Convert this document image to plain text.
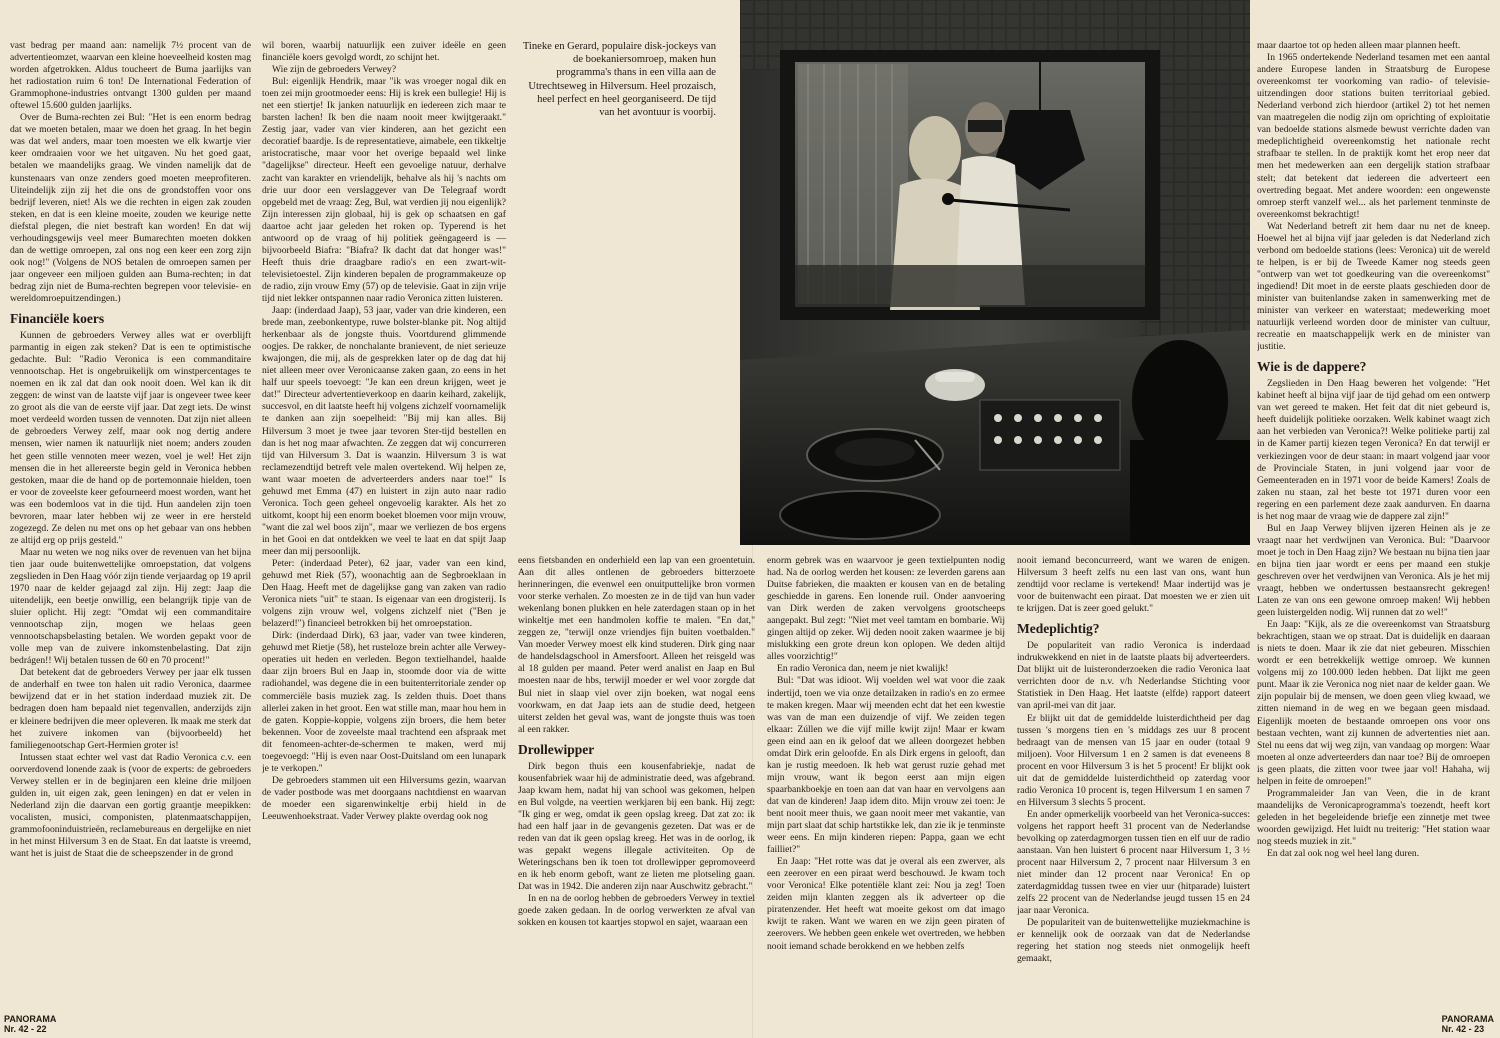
Tineke en Gerard, populaire disk-jockeys van de boekaniersomroep, maken hun programma's thans in een villa aan de Utrechtseweg in Hilversum. Heel prozaisch, heel perfect en heel georganiseerd. De tijd van het avontuur is voorbij.

vast bedrag per maand aan: namelijk 7½ procent van de advertentieomzet, waarvan een kleine hoeveelheid kosten mag worden afgetrokken. Aldus toucheert de Buma jaarlijks van het radiostation ruim 6 ton! De International Federation of Grammophone-industries ontvangt 1300 gulden per maand oftewel 15.600 gulden jaarlijks.

Over de Buma-rechten zei Bul: "Het is een enorm bedrag dat we moeten betalen, maar we doen het graag. In het begin was dat wel anders, maar toen moesten we elk kwartje vier keer omdraaien voor we het uitgaven. Nu het goed gaat, betalen we maandelijks graag. We vinden namelijk dat de kunstenaars van onze zenders goed moeten meeprofiteren. Uiteindelijk zijn zij het die ons de grondstoffen voor ons bedrijf leveren, niet! Als we die rechten in eigen zak zouden steken, en dat is een kleine moeite, zouden we keurige nette diefstal plegen, die niet bestraft kan worden! En dat wij verhoudingsgewijs veel meer Bumarechten moeten dokken dan de wettige omroepen, zal ons nog een keer een zorg zijn ook nog!" (Volgens de NOS betalen de omroepen samen per jaar ongeveer een miljoen gulden aan Buma-rechten; in dat bedrag zijn niet de Buma-rechten begrepen voor televisie- en wereldomroepuitzendingen.)

Financiële koers

Kunnen de gebroeders Verwey alles wat er overblijft parmantig in eigen zak steken? Dat is een te optimistische gedachte. Bul: "Radio Veronica is een commanditaire vennootschap. Het is ongebruikelijk om winstpercentages te noemen en ik zal dat dan ook nooit doen. Wel kan ik dit zeggen: de winst van de laatste vijf jaar is ongeveer twee keer zo groot als die van de eerste vijf jaar. Dat zegt iets. De winst moet verdeeld worden tussen de vennoten. Dat zijn niet alleen de gebroeders Verwey zelf, maar ook nog dertig andere mensen, wier namen ik natuurlijk niet noem; anders zouden het geen stille vennoten meer wezen, voel je wel! Het zijn mensen die in het allereerste begin geld in Veronica hebben gestoken, maar die de hand op de portemonnaie hielden, toen er voor de zoveelste keer gefourneerd moest worden, want het was een bodemloos vat in die tijd. Hun aandelen zijn toen bevroren, maar later hebben wij ze weer in ere hersteld zogezegd. Ze delen nu met ons op het gebaar van ons hebben ze altijd erg op prijs gesteld."

Maar nu weten we nog niks over de revenuen van het bijna tien jaar oude buitenwettelijke omroepstation, dat volgens zegslieden in Den Haag vóór zijn tiende verjaardag op 19 april 1970 naar de kelder gejaagd zal zijn. Hij zegt: Jaap die uitendelijk, een beetje onwillig, een belangrijk tipje van de sluier oplicht. Hij zegt: "Omdat wij een commanditaire vennootschap zijn, mogen we helaas geen vennootschapsbelasting betalen. We worden gepakt voor de volle mep van de zuivere inkomstenbelasting. Dat zijn bedrágen!! Wij betalen tussen de 60 en 70 procent!"

Dat betekent dat de gebroeders Verwey per jaar elk tussen de anderhalf en twee ton halen uit radio Veronica, daarmee bewijzend dat er in het station inderdaad muziek zit. De bedragen doen ham bepaald niet tegenvallen, anderzijds zijn er kleinere bedrijven die meer opleveren. Ik maak me sterk dat het zuivere inkomen van (bijvoorbeeld) het familiegenootschap Gert-Hermien groter is!

Intussen staat echter wel vast dat Radio Veronica c.v. een oorverdovend lonende zaak is (voor de experts: de gebroeders Verwey stellen er in de beginjaren een kleine drie miljoen gulden in, uit eigen zak, geen leningen) en dat er velen in Nederland zijn die daarvan een gortig graantje meepikken: vocalisten, musici, componisten, platenmaatschappijen, grammofooninduistrieën, reclamebureaus en dergelijke en niet in het minst Hilversum 3 en de Staat. En dat laatste is vreemd, want het is juist de Staat die de scheepszender in de grond

wil boren, waarbij natuurlijk een zuiver ideële en geen financiële koers gevolgd wordt, zo schijnt het.

Wie zijn de gebroeders Verwey?

Bul: eigenlijk Hendrik, maar "ik was vroeger nogal dik en toen zei mijn grootmoeder eens: Hij is krek een bullegie! Hij is net een stiertje! Ik janken natuurlijk en iedereen zich maar te barsten lachen! Ik ben die naam nooit meer kwijtgeraakt." Zestig jaar, vader van vier kinderen, aan het gezicht een decoratief baardje. Is de representatieve, aimabele, een tikkeltje aristocratische, maar voor het overige bepaald wel linke "dagelijkse" directeur. Heeft een gevoelige natuur, derhalve zacht van karakter en vriendelijk, behalve als hij 's nachts om drie uur door een verslaggever van De Telegraaf wordt opgebeld met de vraag: Zeg, Bul, wat verdien jij nou eigenlijk? Zijn interessen zijn globaal, hij is gek op schaatsen en gaf daartoe acht jaar geleden het roken op. Typerend is het antwoord op de vraag of hij politiek geëngageerd is — bijvoorbeeld Biafra: "Biafra? Ik dacht dat dat honger was!" Heeft thuis drie draagbare radio's en een zwart-wit-televisietoestel. Zijn kinderen bepalen de programmakeuze op de radio, zijn vrouw Emy (57) op de televisie. Gaat in zijn vrije tijd niet lekker ontspannen naar radio Veronica zitten luisteren.

Jaap: (inderdaad Jaap), 53 jaar, vader van drie kinderen, een brede man, zeebonkentype, ruwe bolster-blanke pit. Nog altijd herkenbaar als de jongste thuis. Voortdurend glimmende oogjes. De rakker, de nonchalante branievent, de niet serieuze kwajongen, die mij, als de gesprekken later op de dag dat hij niet alleen meer over Veronicaanse zaken gaan, zo eens in het half uur speels toevoegt: "Je kan een dreun krijgen, weet je dat!" Directeur advertentieverkoop en daarin keihard, zakelijk, succesvol, en dit laatste heeft hij volgens zichzelf voornamelijk te danken aan zijn soepelheid: "Bij mij kan alles. Bij Hilversum 3 moet je twee jaar tevoren Ster-tijd bestellen en dan is het nog maar afwachten. Ze zeggen dat wij concurreren tijd van Hilversum 3. Dat is waanzin. Hilversum 3 is wat reclamezendtijd betreft vele malen overtekend. Wij helpen ze, want waar moeten de adverteerders anders naar toe!" Is gehuwd met Emma (47) en luistert in zijn auto naar radio Veronica. Toch geen geheel ongevoelig karakter. Als het zo uitkomt, koopt hij een enorm boeket bloemen voor mijn vrouw, "want die zal wel boos zijn", maar we verliezen de bos ergens in het Gooi en dat ontdekken we veel te laat en dat spijt Jaap meer dan mij persoonlijk.

Peter: (inderdaad Peter), 62 jaar, vader van een kind, gehuwd met Riek (57), woonachtig aan de Segbroeklaan in Den Haag. Heeft met de dagelijkse gang van zaken van radio Veronica niets "uit" te staan. Is eigenaar van een drogisterij. Is volgens zijn vrouw wel, volgens zichzelf niet ("Ben je belazerd!") financieel betrokken bij het omroepstation.

Dirk: (inderdaad Dirk), 63 jaar, vader van twee kinderen, gehuwd met Rietje (58), het rusteloze brein achter alle Verwey-operaties uit heden en verleden. Begon textielhandel, haalde daar zijn broers Bul en Jaap in, stoomde door via de witte radiohandel, was degene die in een buitenterritoriale zender op commerciële basis muziek zag. Is zelden thuis. Doet thans allerlei zaken in het groot. Een wat stille man, maar hou hem in de gaten. Koppie-koppie, volgens zijn broers, die hem beter bekennen. Voor de zoveelste maal trachtend een afspraak met dit fenomeen-achter-de-schermen te maken, werd mij toegevoegd: "Hij is even naar Oost-Duitsland om een lunapark je te verkopen."

De gebroeders stammen uit een Hilversums gezin, waarvan de vader postbode was met doorgaans nachtdienst en waarvan de moeder een sigarenwinkeltje erbij hield in de Leeuwenhoekstraat. Vader Verwey plakte overdag ook nog

eens fietsbanden en onderhield een lap van een groentetuin. Aan dit alles ontlenen de gebroeders bitterzoete herinneringen, die evenwel een onuitputtelijke bron vormen voor sterke verhalen. Zo moesten ze in de tijd van hun vader wekenlang bonen plukken en hele zaterdagen staan op in het winkeltje met een handmolen koffie te malen. "En dat," zeggen ze, "terwijl onze vriendjes fijn buiten voetbalden." Van moeder Verwey moest elk kind studeren. Dirk ging naar de handelsdagschool in Amersfoort. Alleen het reisgeld was al 18 gulden per maand. Peter werd analist en Jaap en Bul moesten naar de hbs, terwijl moeder er wel voor zorgde dat Bul niet in slaap viel over zijn boeken, wat nogal eens voorkwam, en dat Jaap iets aan de studie deed, hetgeen uiterst zelden het geval was, want de jongste thuis was toen al een rakker.

Drollewipper

Dirk begon thuis een kousenfabriekje, nadat de kousenfabriek waar hij de administratie deed, was afgebrand. Jaap kwam hem, nadat hij van school was gekomen, helpen en Bul volgde, na veertien werkjaren bij een bank. Hij zegt: "Ik ging er weg, omdat ik geen opslag kreeg. Dat zat zo: ik had een half jaar in de gevangenis gezeten. Dat was er de reden van dat ik geen opslag kreeg. Het was in de oorlog, ik was gepakt wegens illegale activiteiten. Op de Weteringschans ben ik toen tot drollewipper gepromoveerd en ik heb enorm geboft, want ze lieten me plotseling gaan. Dat was in 1942. Die anderen zijn naar Auschwitz gebracht."

In en na de oorlog hebben de gebroeders Verwey in textiel goede zaken gedaan. In de oorlog verwerkten ze afval van sokken en kousen tot kaartjes stopwol en sajet, waaraan een

enorm gebrek was en waarvoor je geen textielpunten nodig had. Na de oorlog werden het kousen: ze leverden garens aan Duitse fabrieken, die maakten er kousen van en de betaling geschiedde in garens. Een lonende ruil. Onder aanvoering van Dirk werden de zaken vervolgens grootscheeps aangepakt. Bul zegt: "Niet met veel tamtam en bombarie. Wij gingen altijd op zeker. Wij deden nooit zaken waarmee je bij mislukking een grote dreun kon oplopen. We deden altijd alles voorzichtig!"

En radio Veronica dan, neem je niet kwalijk!

Bul: "Dat was idioot. Wij voelden wel wat voor die zaak indertijd, toen we via onze detailzaken in radio's en zo ermee te maken kregen. Maar wij meenden echt dat het een kwestie was van de man een duizendje of vijf. We zeiden tegen elkaar: Zúllen we die vijf mille kwijt zijn! Maar er kwam geen eind aan en ik geloof dat we alleen doorgezet hebben omdat Dirk erin geloofde. En als Dirk ergens in gelooft, dan kan je rustig meedoen. Ik heb wat gerust ruzie gehad met mijn vrouw, want ik begon eerst aan mijn eigen spaarbankboekje en toen aan dat van haar en vervolgens aan dat van de kinderen! Jaap idem dito. Mijn vrouw zei toen: Je bent nooit meer thuis, we gaan nooit meer met vakantie, van mijn part slaat dat schip hartstikke lek, dan zie ik je tenminste weer eens. En mijn kinderen riepen: Pappa, gaan we echt failliet?"

En Jaap: "Het rotte was dat je overal als een zwerver, als een zeerover en een piraat werd beschouwd. Je kwam toch voor Veronica! Elke potentiële klant zei: Nou ja zeg! Toen zeiden mijn klanten zeggen als ik adverteer op die piratenzender. Het heeft wat moeite gekost om dat imago kwijt te raken. Want we waren en we zijn geen piraten of zeerovers. We hebben geen enkele wet overtreden, we hebben nooit iemand schade berokkend en we hebben zelfs

nooit iemand beconcurreerd, want we waren de enigen. Hilversum 3 heeft zelfs nu een last van ons, want hun zendtijd voor reclame is vertekend! Maar indertijd was je voor de buitenwacht een piraat. Dat moesten we er zien uit te krijgen. Dat is zeer goed gelukt."

Medeplichtig?

De populariteit van radio Veronica is inderdaad indrukwekkend en niet in de laatste plaats bij adverteerders. Dat blijkt uit de luisteronderzoeken die radio Veronica laat verrichten door de n.v. v/h Nederlandse Stichting voor Statistiek in Den Haag. Het laatste (elfde) rapport dateert van april-mei van dit jaar.

Er blijkt uit dat de gemiddelde luisterdichtheid per dag tussen 's morgens tien en 's middags zes uur 8 procent bedraagt van de mensen van 15 jaar en ouder (totaal 9 miljoen). Voor Hilversum 1 en 2 samen is dat eveneens 8 procent en voor Hilversum 3 is het 5 procent! Er blijkt ook uit dat de gemiddelde luisterdichtheid op zaterdag voor radio Veronica 10 procent is, tegen Hilversum 1 en samen 7 en Hilversum 3 slechts 5 procent.

En ander opmerkelijk voorbeeld van het Veronica-succes: volgens het rapport heeft 31 procent van de Nederlandse bevolking op zaterdagmorgen tussen tien en elf uur de radio aanstaan. Van hen luistert 6 procent naar Hilversum 1, 3 ½ procent naar Hilversum 2, 7 procent naar Hilversum 3 en niet minder dan 12 procent naar Veronica! En op zaterdagmiddag tussen twee en vier uur (hitparade) luistert zelfs 22 procent van de Nederlandse jeugd tussen 15 en 24 jaar naar Veronica.

De populariteit van de buitenwettelijke muziekmachine is er kennelijk ook de oorzaak van dat de Nederlandse regering het station nog steeds niet onmogelijk heeft gemaakt,

maar daartoe tot op heden alleen maar plannen heeft.

In 1965 ondertekende Nederland tesamen met een aantal andere Europese landen in Straatsburg de Europese overeenkomst ter voorkoming van radio- of televisie-uitzendingen door stations buiten territoriaal gebied. Nederland verbond zich hierdoor (artikel 2) tot het nemen van maatregelen die nodig zijn om oprichting of exploitatie van bedoelde stations alsmede bewust verrichte daden van medeplichtigheid overeenkomstig het nationale recht strafbaar te stellen. In de praktijk komt het erop neer dat men het medewerken aan een dergelijk station strafbaar stelt; dat betekent dat iedereen die adverteert een overtreding begaat. Met andere woorden: een ongewenste omroep sterft vanzelf wel... als het parlement tenminste de overeenkomst bekrachtigt!

Wat Nederland betreft zit hem daar nu net de kneep. Hoewel het al bijna vijf jaar geleden is dat Nederland zich verbond om bedoelde stations (lees: Veronica) uit de wereld te helpen, is er bij de Tweede Kamer nog steeds geen "ontwerp van wet tot goedkeuring van die overeenkomst" ingediend! Dit moet in de eerste plaats geschieden door de minister van buitenlandse zaken in samenwerking met de minister van verkeer en waterstaat; medewerking moet natuurlijk verleend worden door de minister van cultuur, recreatie en maatschappelijk werk en de minister van justitie.

Wie is de dappere?

Zegslieden in Den Haag beweren het volgende: "Het kabinet heeft al bijna vijf jaar de tijd gehad om een ontwerp van wet gereed te maken. Het feit dat dit niet gebeurd is, heeft duidelijk politieke oorzaken. Welk kabinet waagt zich aan het verbieden van Veronica?! Welke politieke partij zal in de Kamer partij kiezen tegen Veronica? En dat terwijl er verkiezingen voor de deur staan: in maart volgend jaar voor de Provinciale Staten, in juni volgend jaar voor de Gemeenteraden en in 1971 voor de beide Kamers! Zoals de zaken nu staan, zal het beste tot 1971 duren voor een regering en een parlement deze zaak aandurven. En daarna is het nog maar de vraag wie de dappere zal zijn!"

Bul en Jaap Verwey blijven ijzeren Heinen als je ze vraagt naar het verdwijnen van Veronica. Bul: "Daarvoor moet je toch in Den Haag zijn? We bestaan nu bijna tien jaar en bijna tien jaar wordt er eens per maand een stukje geschreven over het verdwijnen van Veronica. Als je het mij vraagt, hebben we ondertussen bestaansrecht gekregen! Laten ze van ons een gewone omroep maken! Wij hebben geen luistergelden nodig. Wij runnen dat zo wel!"

En Jaap: "Kijk, als ze die overeenkomst van Straatsburg bekrachtigen, staan we op straat. Dat is duidelijk en daaraan is niets te doen. Maar ik zie dat niet gebeuren. Misschien wordt er een betrekkelijk wettige omroep. We kunnen volgens mij zo 100.000 leden hebben. Dat lijkt me geen punt. Maar ik zie Veronica nog niet naar de kelder gaan. We zijn populair bij de mensen, we doen geen vlieg kwaad, we zitten niemand in de weg en we begaan geen misdaad. Eigenlijk moeten de bestaande omroepen ons voor ons bestaan vechten, want zij kunnen de advertenties niet aan. Stel nu eens dat wij weg zijn, van vandaag op morgen: Waar moeten al onze adverteerders dan naar toe? Bij de omroepen is geen plaats, die zitten voor twee jaar vol! Hahaha, wij helpen in feite de omroepen!"

Programmaleider Jan van Veen, die in de krant maandelijks de Veronicaprogramma's toezendt, heeft kort geleden in het begeleidende briefje een zinnetje met twee woorden gewijzigd. Het luidt nu treiterig: "Het station waar nog steeds muziek in zit."

En dat zal ook nog wel heel lang duren.

PANORAMA
Nr. 42 - 22
PANORAMA
Nr. 42 - 23
